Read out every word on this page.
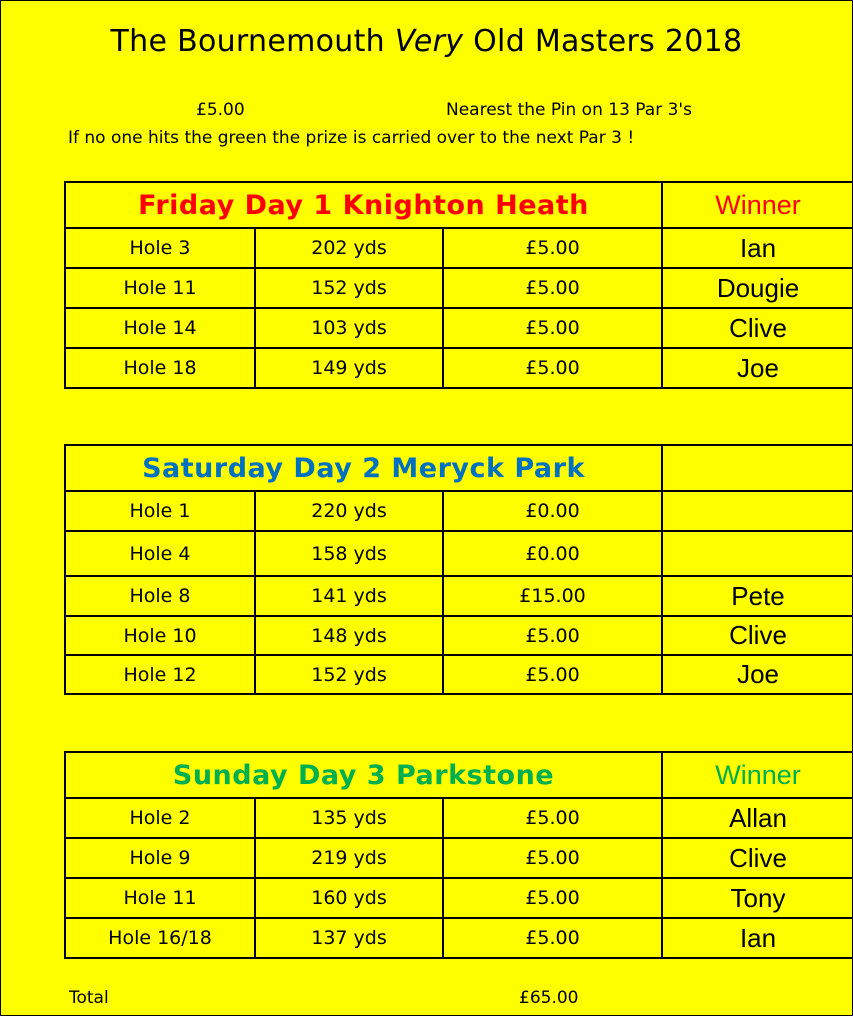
The Bournemouth Very Old Masters 2018
£5.00	Nearest the Pin on 13 Par 3's
If no one hits the green the prize is carried over to the next Par 3 !
Friday Day 1 Knighton Heath			Winner
Hole 3	202 yds	£5.00	Ian
Hole 11	152 yds	£5.00	Dougie
Hole 14	103 yds	£5.00	Clive
Hole 18	149 yds	£5.00	Joe
Saturday Day 2 Meryck Park			
Hole 1	220 yds	£0.00	
Hole 4	158 yds	£0.00	
Hole 8	141 yds	£15.00	Pete
Hole 10	148 yds	£5.00	Clive
Hole 12	152 yds	£5.00	Joe
Sunday Day 3 Parkstone			Winner
Hole 2	135 yds	£5.00	Allan
Hole 9	219 yds	£5.00	Clive
Hole 11	160 yds	£5.00	Tony
Hole 16/18	137 yds	£5.00	Ian
Total	£65.00
